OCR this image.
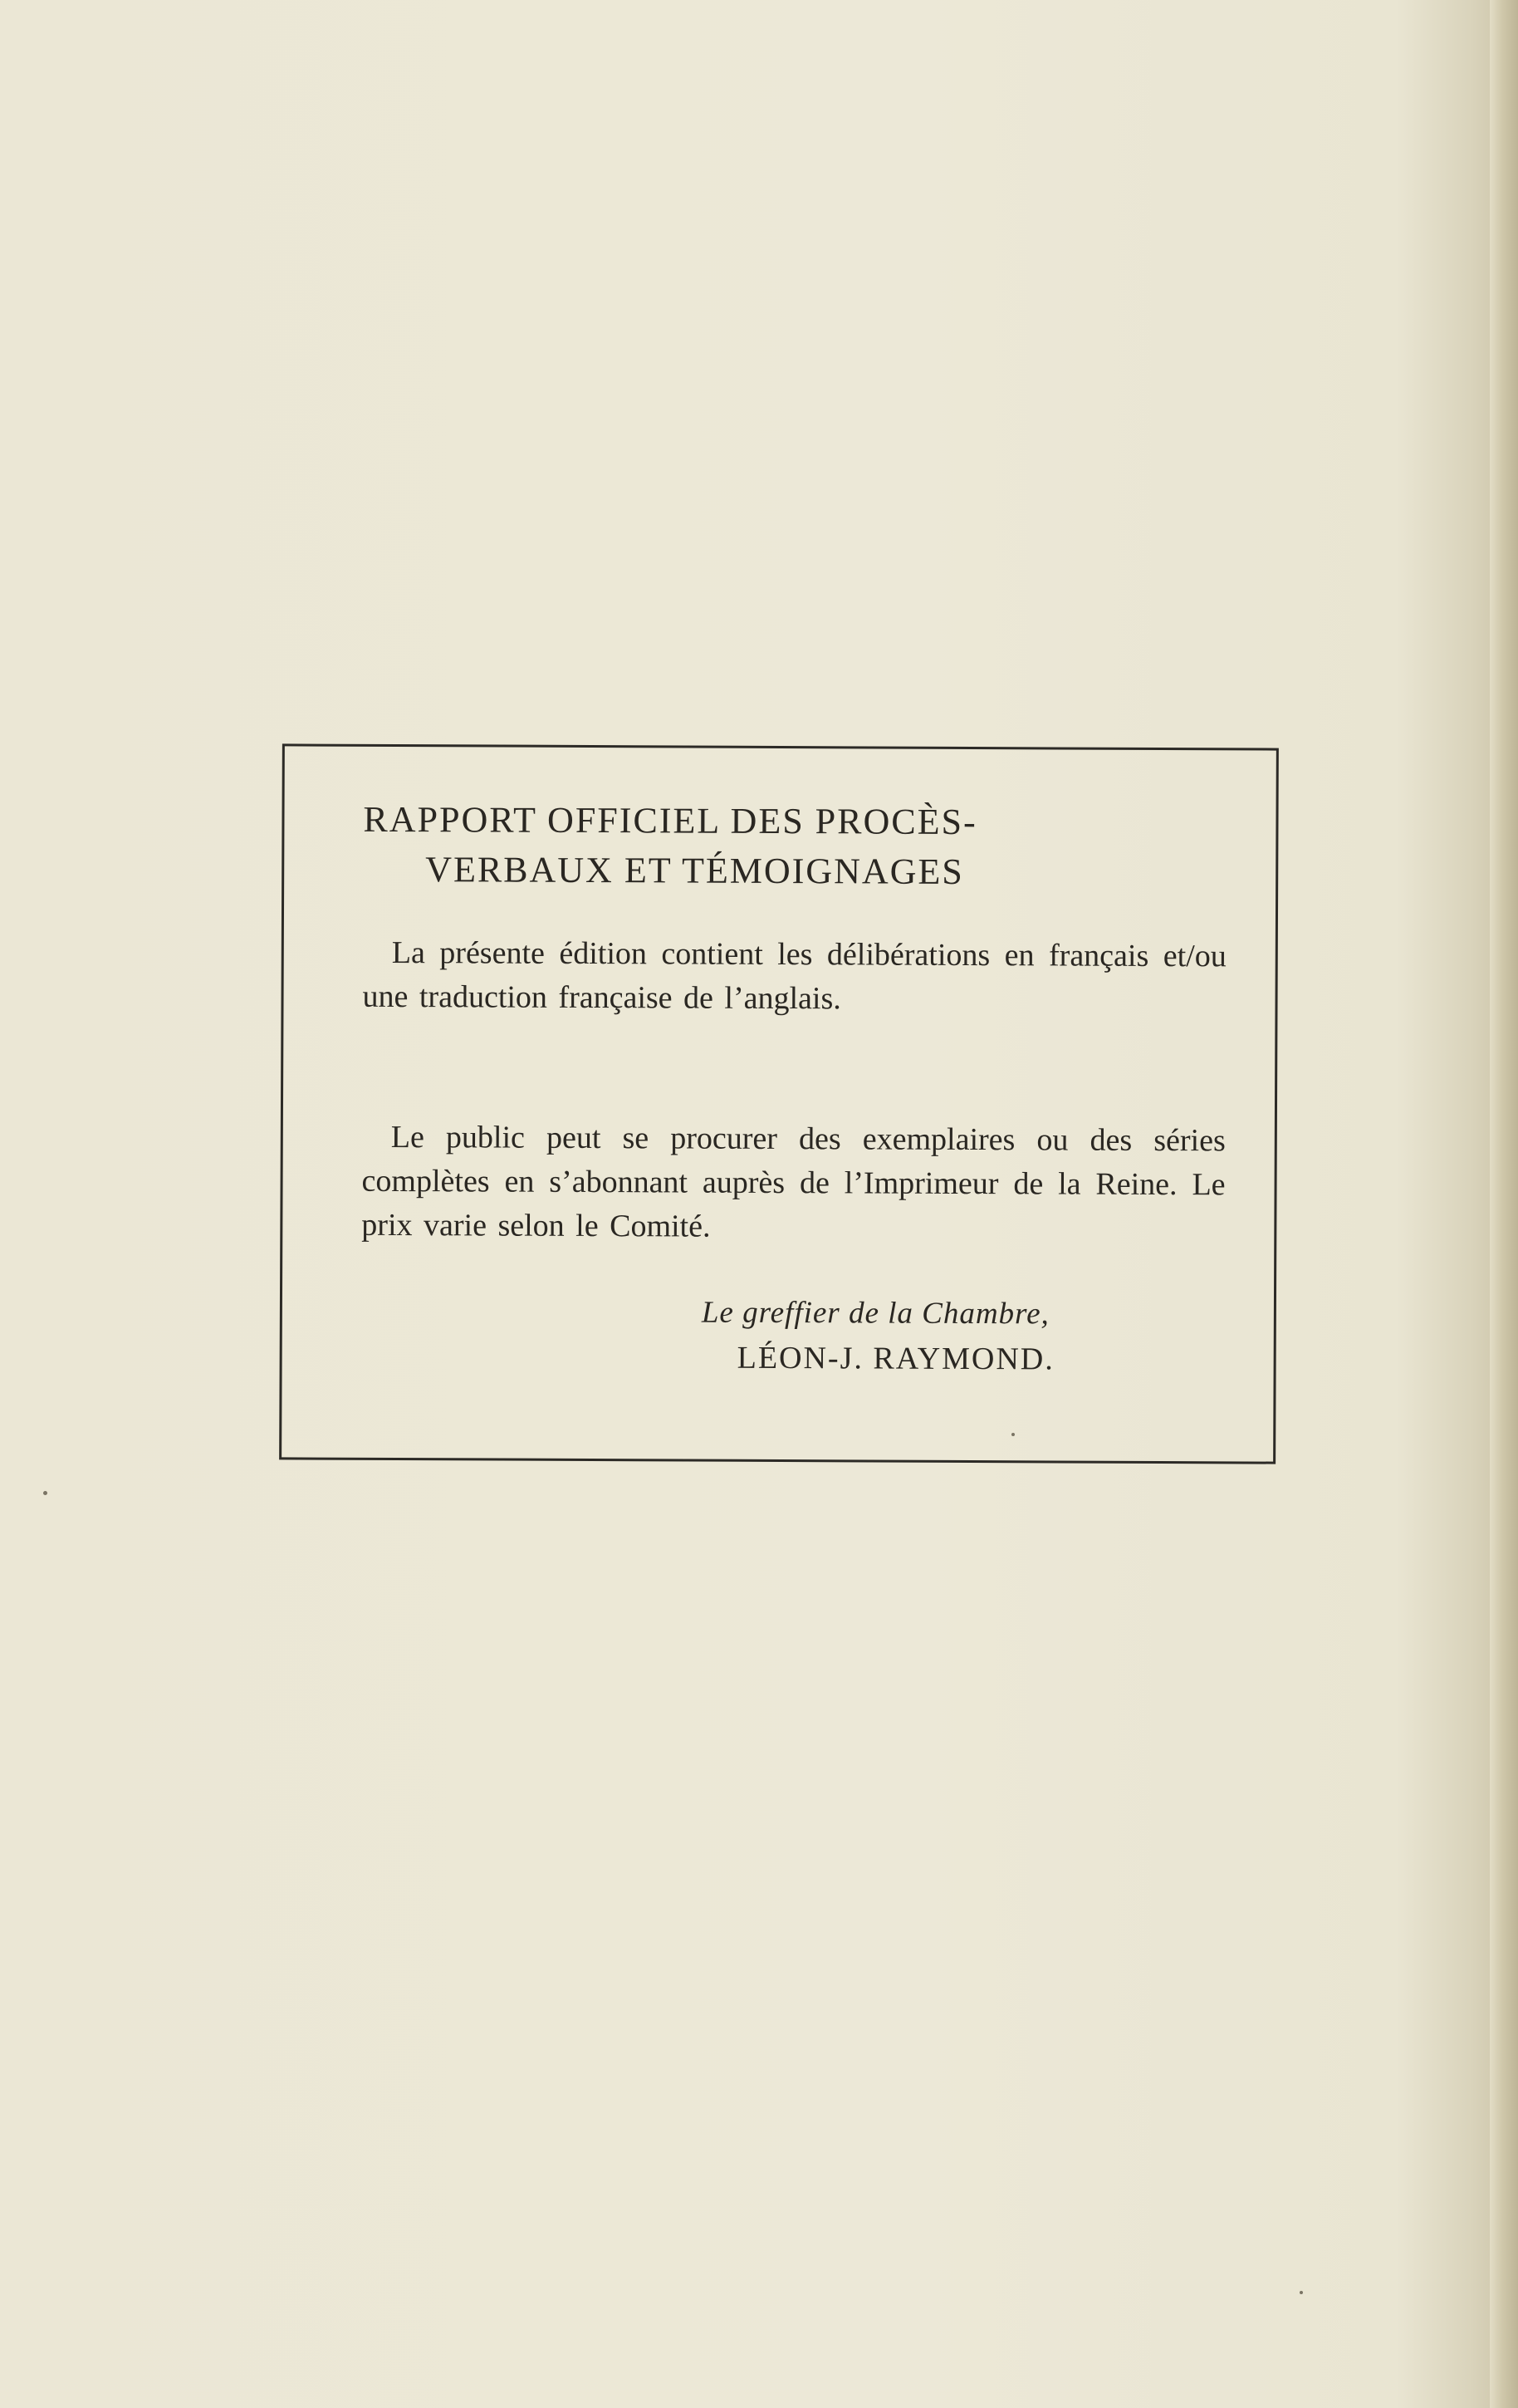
RAPPORT OFFICIEL DES PROCÈS-
VERBAUX ET TÉMOIGNAGES

La présente édition contient les délibérations en français et/ou une traduction française de l’anglais.

Le public peut se procurer des exemplaires ou des séries complètes en s’abonnant auprès de l’Imprimeur de la Reine. Le prix varie selon le Comité.

Le greffier de la Chambre,

LÉON-J. RAYMOND.
